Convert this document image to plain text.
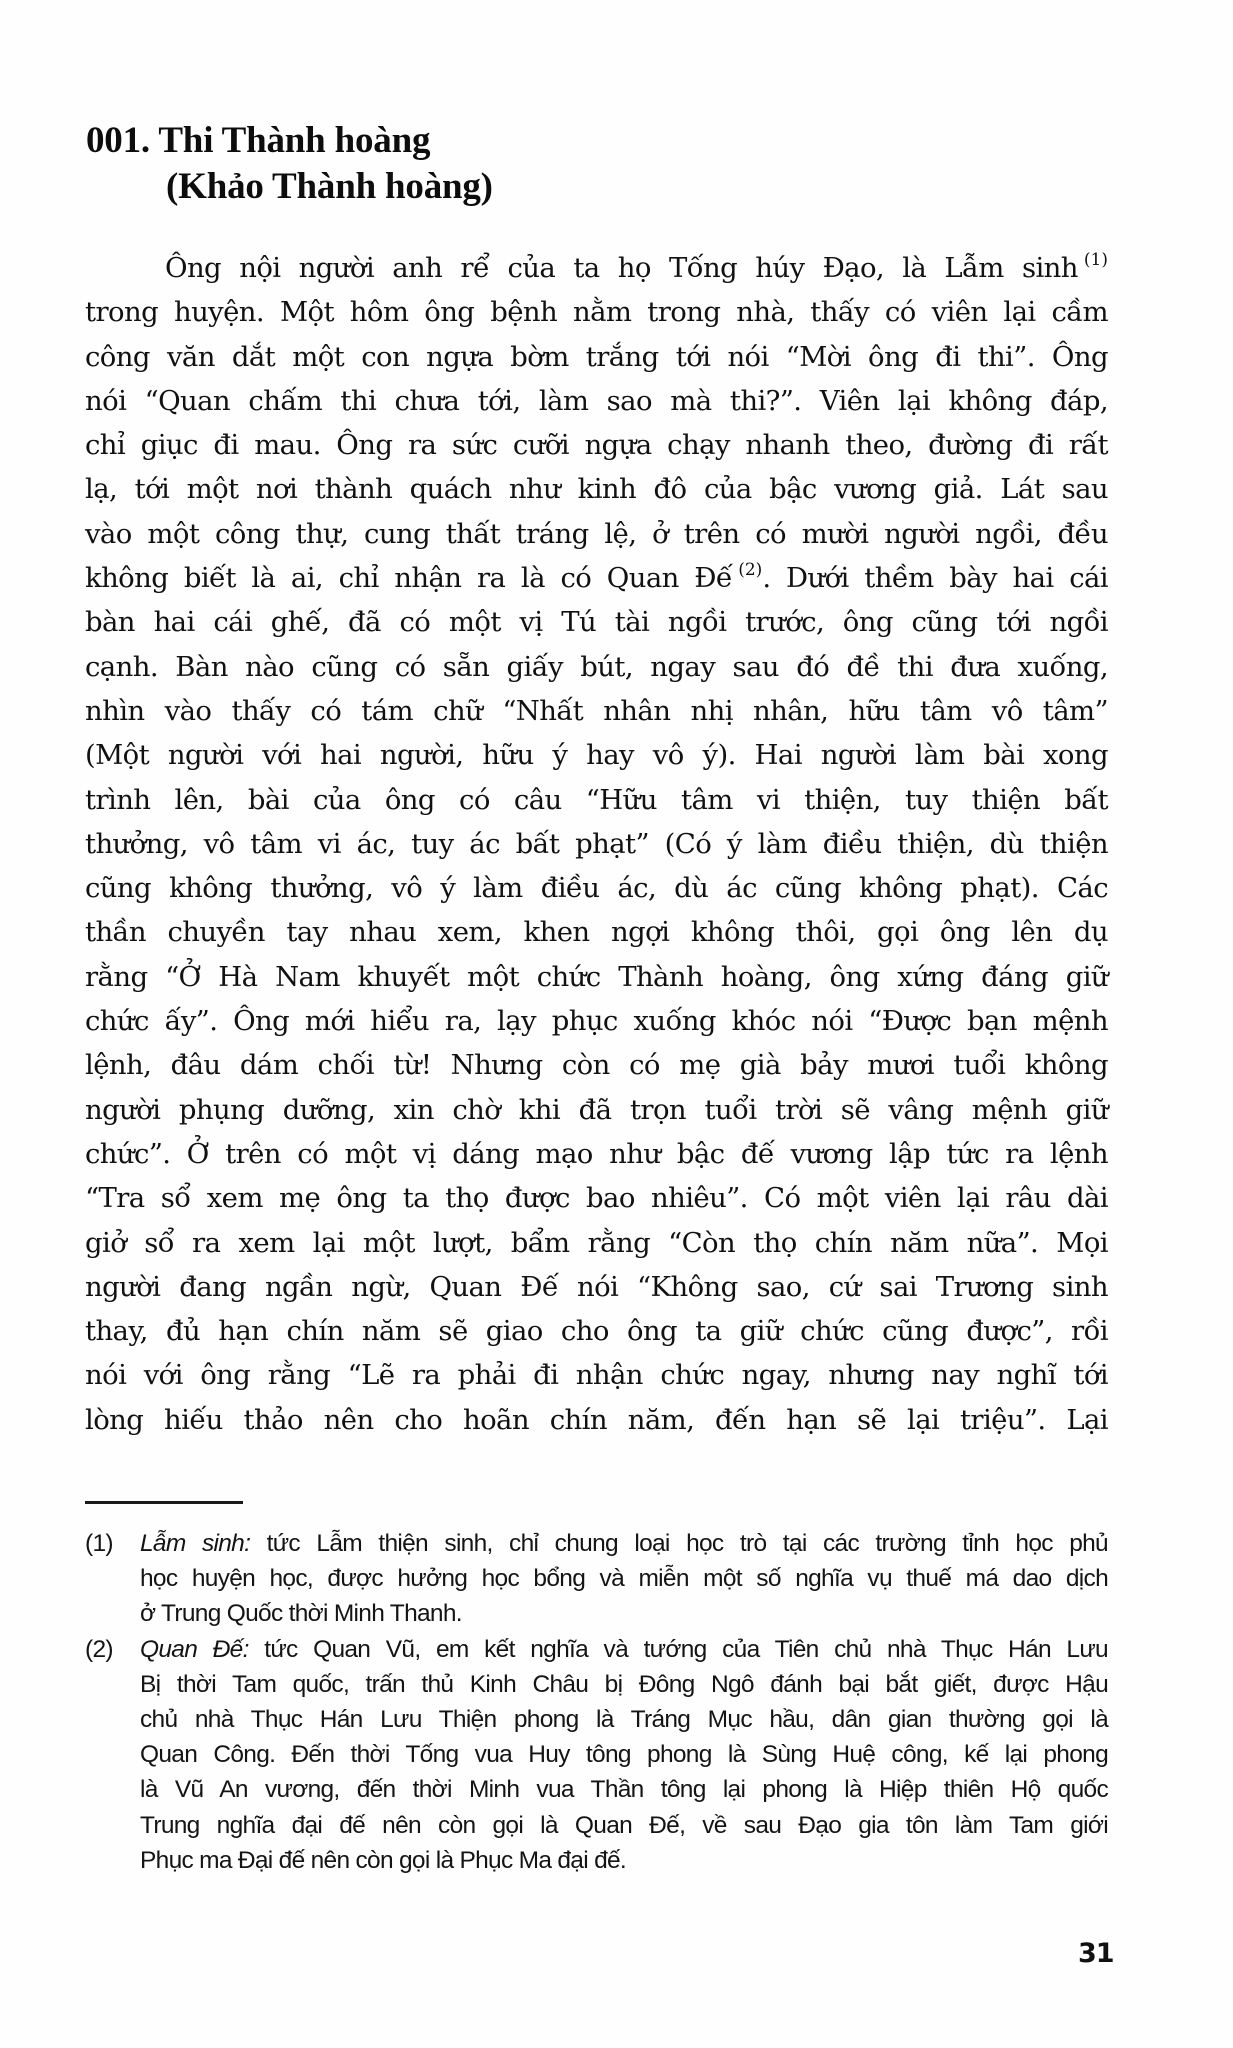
001. Thi Thành hoàng
(Khảo Thành hoàng)
Ông nội người anh rể của ta họ Tống húy Đạo, là Lẫm sinh $^{(1)}$
trong huyện. Một hôm ông bệnh nằm trong nhà, thấy có viên lại cầm
công văn dắt một con ngựa bờm trắng tới nói “Mời ông đi thi”. Ông
nói “Quan chấm thi chưa tới, làm sao mà thi?”. Viên lại không đáp,
chỉ giục đi mau. Ông ra sức cưỡi ngựa chạy nhanh theo, đường đi rất
lạ, tới một nơi thành quách như kinh đô của bậc vương giả. Lát sau
vào một công thự, cung thất tráng lệ, ở trên có mười người ngồi, đều
không biết là ai, chỉ nhận ra là có Quan Đế $^{(2)}$. Dưới thềm bày hai cái
bàn hai cái ghế, đã có một vị Tú tài ngồi trước, ông cũng tới ngồi
cạnh. Bàn nào cũng có sẵn giấy bút, ngay sau đó đề thi đưa xuống,
nhìn vào thấy có tám chữ “Nhất nhân nhị nhân, hữu tâm vô tâm”
(Một người với hai người, hữu ý hay vô ý). Hai người làm bài xong
trình lên, bài của ông có câu “Hữu tâm vi thiện, tuy thiện bất
thưởng, vô tâm vi ác, tuy ác bất phạt” (Có ý làm điều thiện, dù thiện
cũng không thưởng, vô ý làm điều ác, dù ác cũng không phạt). Các
thần chuyền tay nhau xem, khen ngợi không thôi, gọi ông lên dụ
rằng “Ở Hà Nam khuyết một chức Thành hoàng, ông xứng đáng giữ
chức ấy”. Ông mới hiểu ra, lạy phục xuống khóc nói “Được bạn mệnh
lệnh, đâu dám chối từ! Nhưng còn có mẹ già bảy mươi tuổi không
người phụng dưỡng, xin chờ khi đã trọn tuổi trời sẽ vâng mệnh giữ
chức”. Ở trên có một vị dáng mạo như bậc đế vương lập tức ra lệnh
“Tra sổ xem mẹ ông ta thọ được bao nhiêu”. Có một viên lại râu dài
giở sổ ra xem lại một lượt, bẩm rằng “Còn thọ chín năm nữa”. Mọi
người đang ngần ngừ, Quan Đế nói “Không sao, cứ sai Trương sinh
thay, đủ hạn chín năm sẽ giao cho ông ta giữ chức cũng được”, rồi
nói với ông rằng “Lẽ ra phải đi nhận chức ngay, nhưng nay nghĩ tới
lòng hiếu thảo nên cho hoãn chín năm, đến hạn sẽ lại triệu”. Lại
(1) Lẫm sinh: tức Lẫm thiện sinh, chỉ chung loại học trò tại các trường tỉnh học phủ
học huyện học, được hưởng học bổng và miễn một số nghĩa vụ thuế má dao dịch
ở Trung Quốc thời Minh Thanh.
(2) Quan Đế: tức Quan Vũ, em kết nghĩa và tướng của Tiên chủ nhà Thục Hán Lưu
Bị thời Tam quốc, trấn thủ Kinh Châu bị Đông Ngô đánh bại bắt giết, được Hậu
chủ nhà Thục Hán Lưu Thiện phong là Tráng Mục hầu, dân gian thường gọi là
Quan Công. Đến thời Tống vua Huy tông phong là Sùng Huệ công, kế lại phong
là Vũ An vương, đến thời Minh vua Thần tông lại phong là Hiệp thiên Hộ quốc
Trung nghĩa đại đế nên còn gọi là Quan Đế, về sau Đạo gia tôn làm Tam giới
Phục ma Đại đế nên còn gọi là Phục Ma đại đế.
31
